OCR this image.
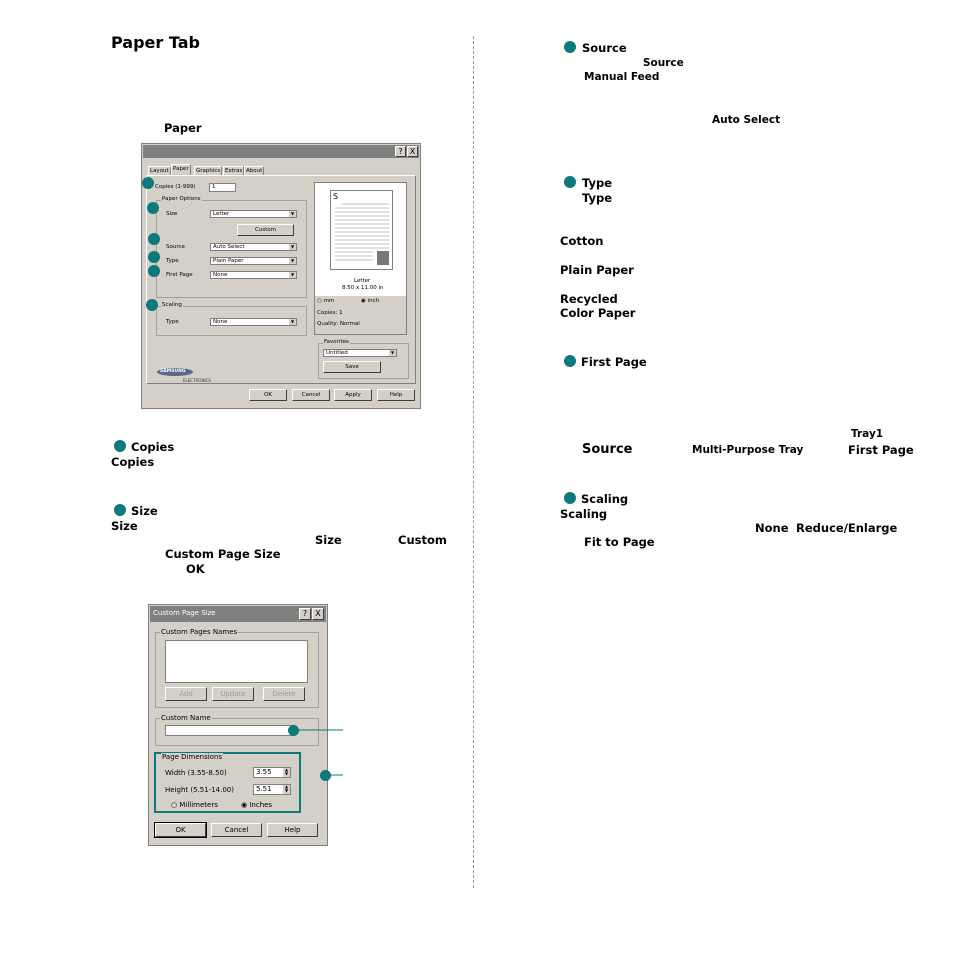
Paper Tab
Paper
? X
Layout Paper	Graphics Extras About
Copies (1-999)	1
Paper Options
Size	Letter	▼
Custom
Source	Auto Select	▼
Type	Plain Paper	▼
First Page	None	▼
Scaling
Type	None	▼
SAMSUNG
ELECTRONICS
S
Letter
8.50 x 11.00 in
○ mm	◉ inch
Copies: 1
Quality: Normal
Favorites
Untitled	▼
Save
OK	Cancel	Apply	Help
Copies
Copies
Size
Size
Size	Custom
Custom Page Size
OK
Custom Page Size	?	X
Custom Pages Names
Add	Update	Delete
Custom Name
Page Dimensions
Width (3.55-8.50)	3.55	▲
▼
Height (5.51-14.00)	5.51	▲
▼
○ Millimeters	◉ Inches
OK	Cancel	Help
Source
Source
Manual Feed
Auto Select
Type
Type
Cotton
Plain Paper
Recycled
Color Paper
First Page
Tray1
Source	Multi-Purpose Tray	First Page
Scaling
Scaling
None Reduce/Enlarge
Fit to Page
